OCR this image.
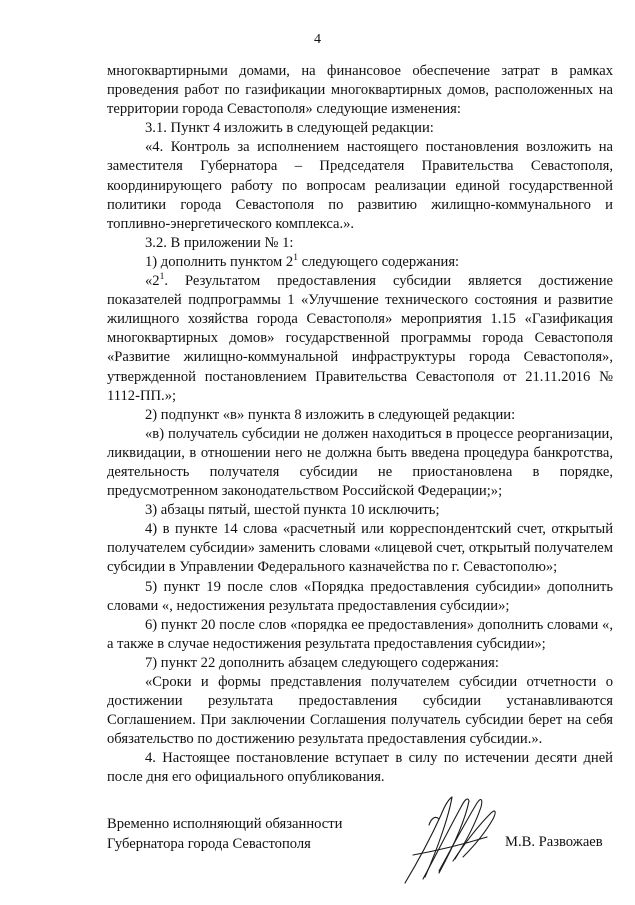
4

многоквартирными домами, на финансовое обеспечение затрат в рамках проведения работ по газификации многоквартирных домов, расположенных на территории города Севастополя» следующие изменения:

3.1. Пункт 4 изложить в следующей редакции:

«4. Контроль за исполнением настоящего постановления возложить на заместителя Губернатора – Председателя Правительства Севастополя, координирующего работу по вопросам реализации единой государственной политики города Севастополя по развитию жилищно-коммунального и топливно-энергетического комплекса.».

3.2. В приложении № 1:

1) дополнить пунктом $2^1$ следующего содержания:

«$2^1$. Результатом предоставления субсидии является достижение показателей подпрограммы 1 «Улучшение технического состояния и развитие жилищного хозяйства города Севастополя» мероприятия 1.15 «Газификация многоквартирных домов» государственной программы города Севастополя «Развитие жилищно-коммунальной инфраструктуры города Севастополя», утвержденной постановлением Правительства Севастополя от 21.11.2016 № 1112-ПП.»;

2) подпункт «в» пункта 8 изложить в следующей редакции:

«в) получатель субсидии не должен находиться в процессе реорганизации, ликвидации, в отношении него не должна быть введена процедура банкротства, деятельность получателя субсидии не приостановлена в порядке, предусмотренном законодательством Российской Федерации;»;

3) абзацы пятый, шестой пункта 10 исключить;

4) в пункте 14 слова «расчетный или корреспондентский счет, открытый получателем субсидии» заменить словами «лицевой счет, открытый получателем субсидии в Управлении Федерального казначейства по г. Севастополю»;

5) пункт 19 после слов «Порядка предоставления субсидии» дополнить словами «, недостижения результата предоставления субсидии»;

6) пункт 20 после слов «порядка ее предоставления» дополнить словами «, а также в случае недостижения результата предоставления субсидии»;

7) пункт 22 дополнить абзацем следующего содержания:

«Сроки и формы представления получателем субсидии отчетности о достижении результата предоставления субсидии устанавливаются Соглашением. При заключении Соглашения получатель субсидии берет на себя обязательство по достижению результата предоставления субсидии.».

4. Настоящее постановление вступает в силу по истечении десяти дней после дня его официального опубликования.

Временно исполняющий обязанности
Губернатора города Севастополя	М.В. Развожаев
